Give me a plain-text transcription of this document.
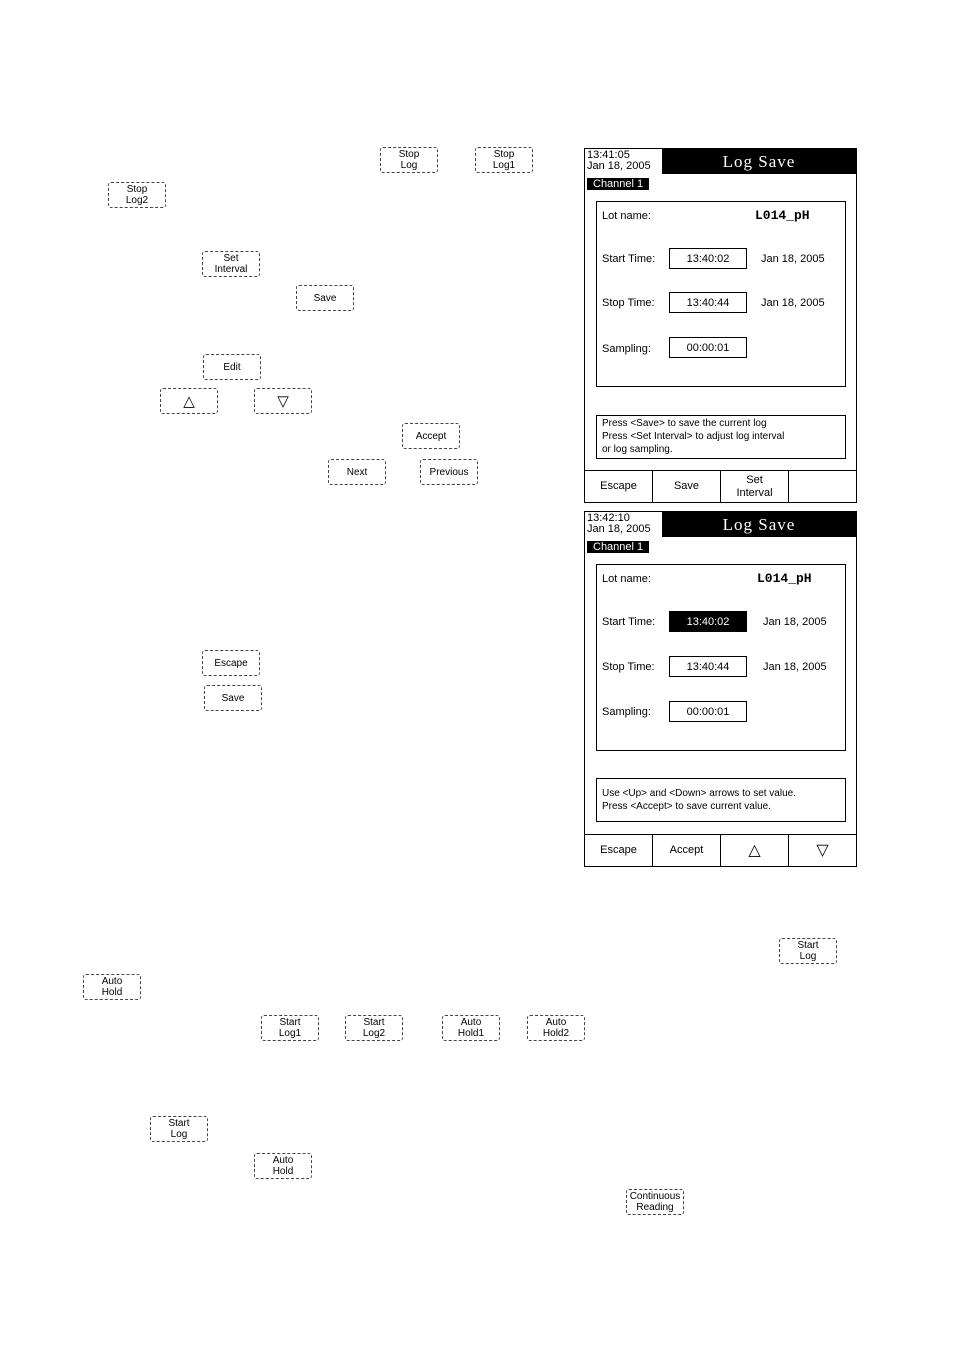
Stop
Log
Stop
Log1
Stop
Log2
Set
Interval
Save
Edit
△	▽
Accept
Next	Previous
Escape
Save
Start
Log
Auto
Hold
Start
Log1
Start
Log2
Auto
Hold1
Auto
Hold2
Start
Log
Auto
Hold
Continuous
Reading
13:41:05
Jan 18, 2005	Log Save
Channel 1
Lot name:	L014_pH
Start Time:	13:40:02	Jan 18, 2005
Stop Time:	13:40:44	Jan 18, 2005
Sampling:	00:00:01
Press <Save> to save the current log
Press <Set Interval> to adjust log interval
or log sampling.
Escape	Save
Set Interval
13:42:10
Jan 18, 2005	Log Save
Channel 1
Lot name:	L014_pH
Start Time:	13:40:02	Jan 18, 2005
Stop Time:	13:40:44	Jan 18, 2005
Sampling:	00:00:01
Use <Up> and <Down> arrows to set value.
Press <Accept> to save current value.
Escape	Accept	△	▽
